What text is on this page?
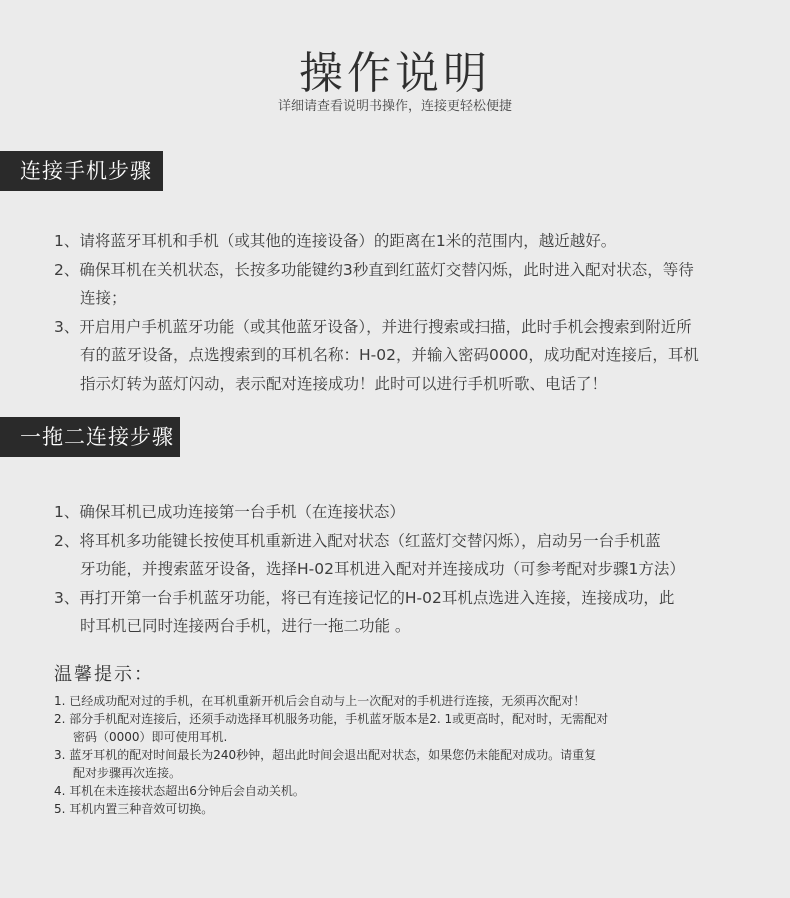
操作说明
详细请查看说明书操作，连接更轻松便捷
连接手机步骤
1、请将蓝牙耳机和手机（或其他的连接设备）的距离在1米的范围内，越近越好。
2、确保耳机在关机状态，长按多功能键约3秒直到红蓝灯交替闪烁，此时进入配对状态，等待
连接；
3、开启用户手机蓝牙功能（或其他蓝牙设备），并进行搜索或扫描，此时手机会搜索到附近所
有的蓝牙设备，点选搜索到的耳机名称：H-02，并输入密码0000，成功配对连接后，耳机
指示灯转为蓝灯闪动，表示配对连接成功！此时可以进行手机听歌、电话了！
一拖二连接步骤
1、确保耳机已成功连接第一台手机（在连接状态）
2、将耳机多功能键长按使耳机重新进入配对状态（红蓝灯交替闪烁），启动另一台手机蓝
牙功能，并搜索蓝牙设备，选择H-02耳机进入配对并连接成功（可参考配对步骤1方法）
3、再打开第一台手机蓝牙功能，将已有连接记忆的H-02耳机点选进入连接，连接成功，此
时耳机已同时连接两台手机，进行一拖二功能 。
温馨提示：
1. 已经成功配对过的手机，在耳机重新开机后会自动与上一次配对的手机进行连接，无须再次配对！
2. 部分手机配对连接后，还须手动选择耳机服务功能，手机蓝牙版本是2. 1或更高时，配对时，无需配对
密码（0000）即可使用耳机.
3. 蓝牙耳机的配对时间最长为240秒钟，超出此时间会退出配对状态，如果您仍未能配对成功。请重复
配对步骤再次连接。
4. 耳机在未连接状态超出6分钟后会自动关机。
5. 耳机内置三种音效可切换。
